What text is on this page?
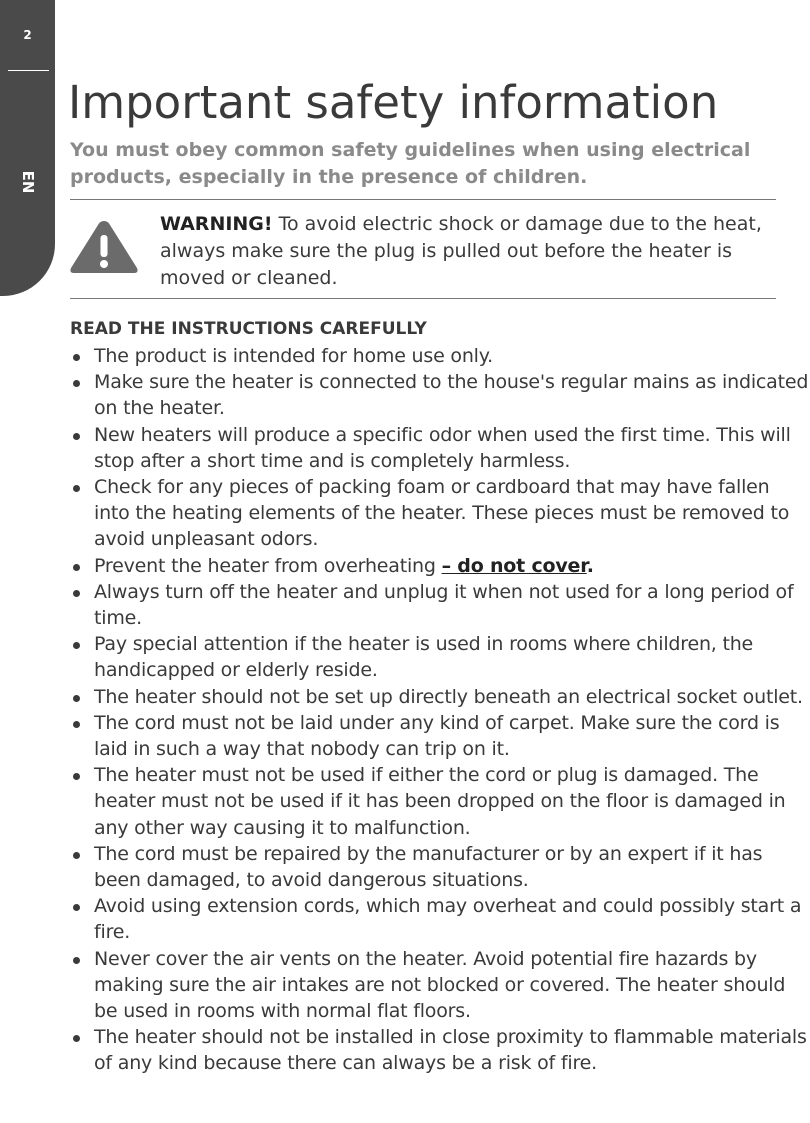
2
EN
Important safety information

You must obey common safety guidelines when using electrical products, especially in the presence of children.

WARNING! To avoid electric shock or damage due to the heat, always make sure the plug is pulled out before the heater is moved or cleaned.

READ THE INSTRUCTIONS CAREFULLY
The product is intended for home use only.
Make sure the heater is connected to the house's regular mains as indicated on the heater.
New heaters will produce a specific odor when used the first time. This will stop after a short time and is completely harmless.
Check for any pieces of packing foam or cardboard that may have fallen into the heating elements of the heater. These pieces must be removed to avoid unpleasant odors.
Prevent the heater from overheating – do not cover.
Always turn off the heater and unplug it when not used for a long period of time.
Pay special attention if the heater is used in rooms where children, the handicapped or elderly reside.
The heater should not be set up directly beneath an electrical socket outlet.
The cord must not be laid under any kind of carpet. Make sure the cord is laid in such a way that nobody can trip on it.
The heater must not be used if either the cord or plug is damaged. The heater must not be used if it has been dropped on the floor is damaged in any other way causing it to malfunction.
The cord must be repaired by the manufacturer or by an expert if it has been damaged, to avoid dangerous situations.
Avoid using extension cords, which may overheat and could possibly start a fire.
Never cover the air vents on the heater. Avoid potential fire hazards by making sure the air intakes are not blocked or covered. The heater should be used in rooms with normal flat floors.
The heater should not be installed in close proximity to flammable materials of any kind because there can always be a risk of fire.
